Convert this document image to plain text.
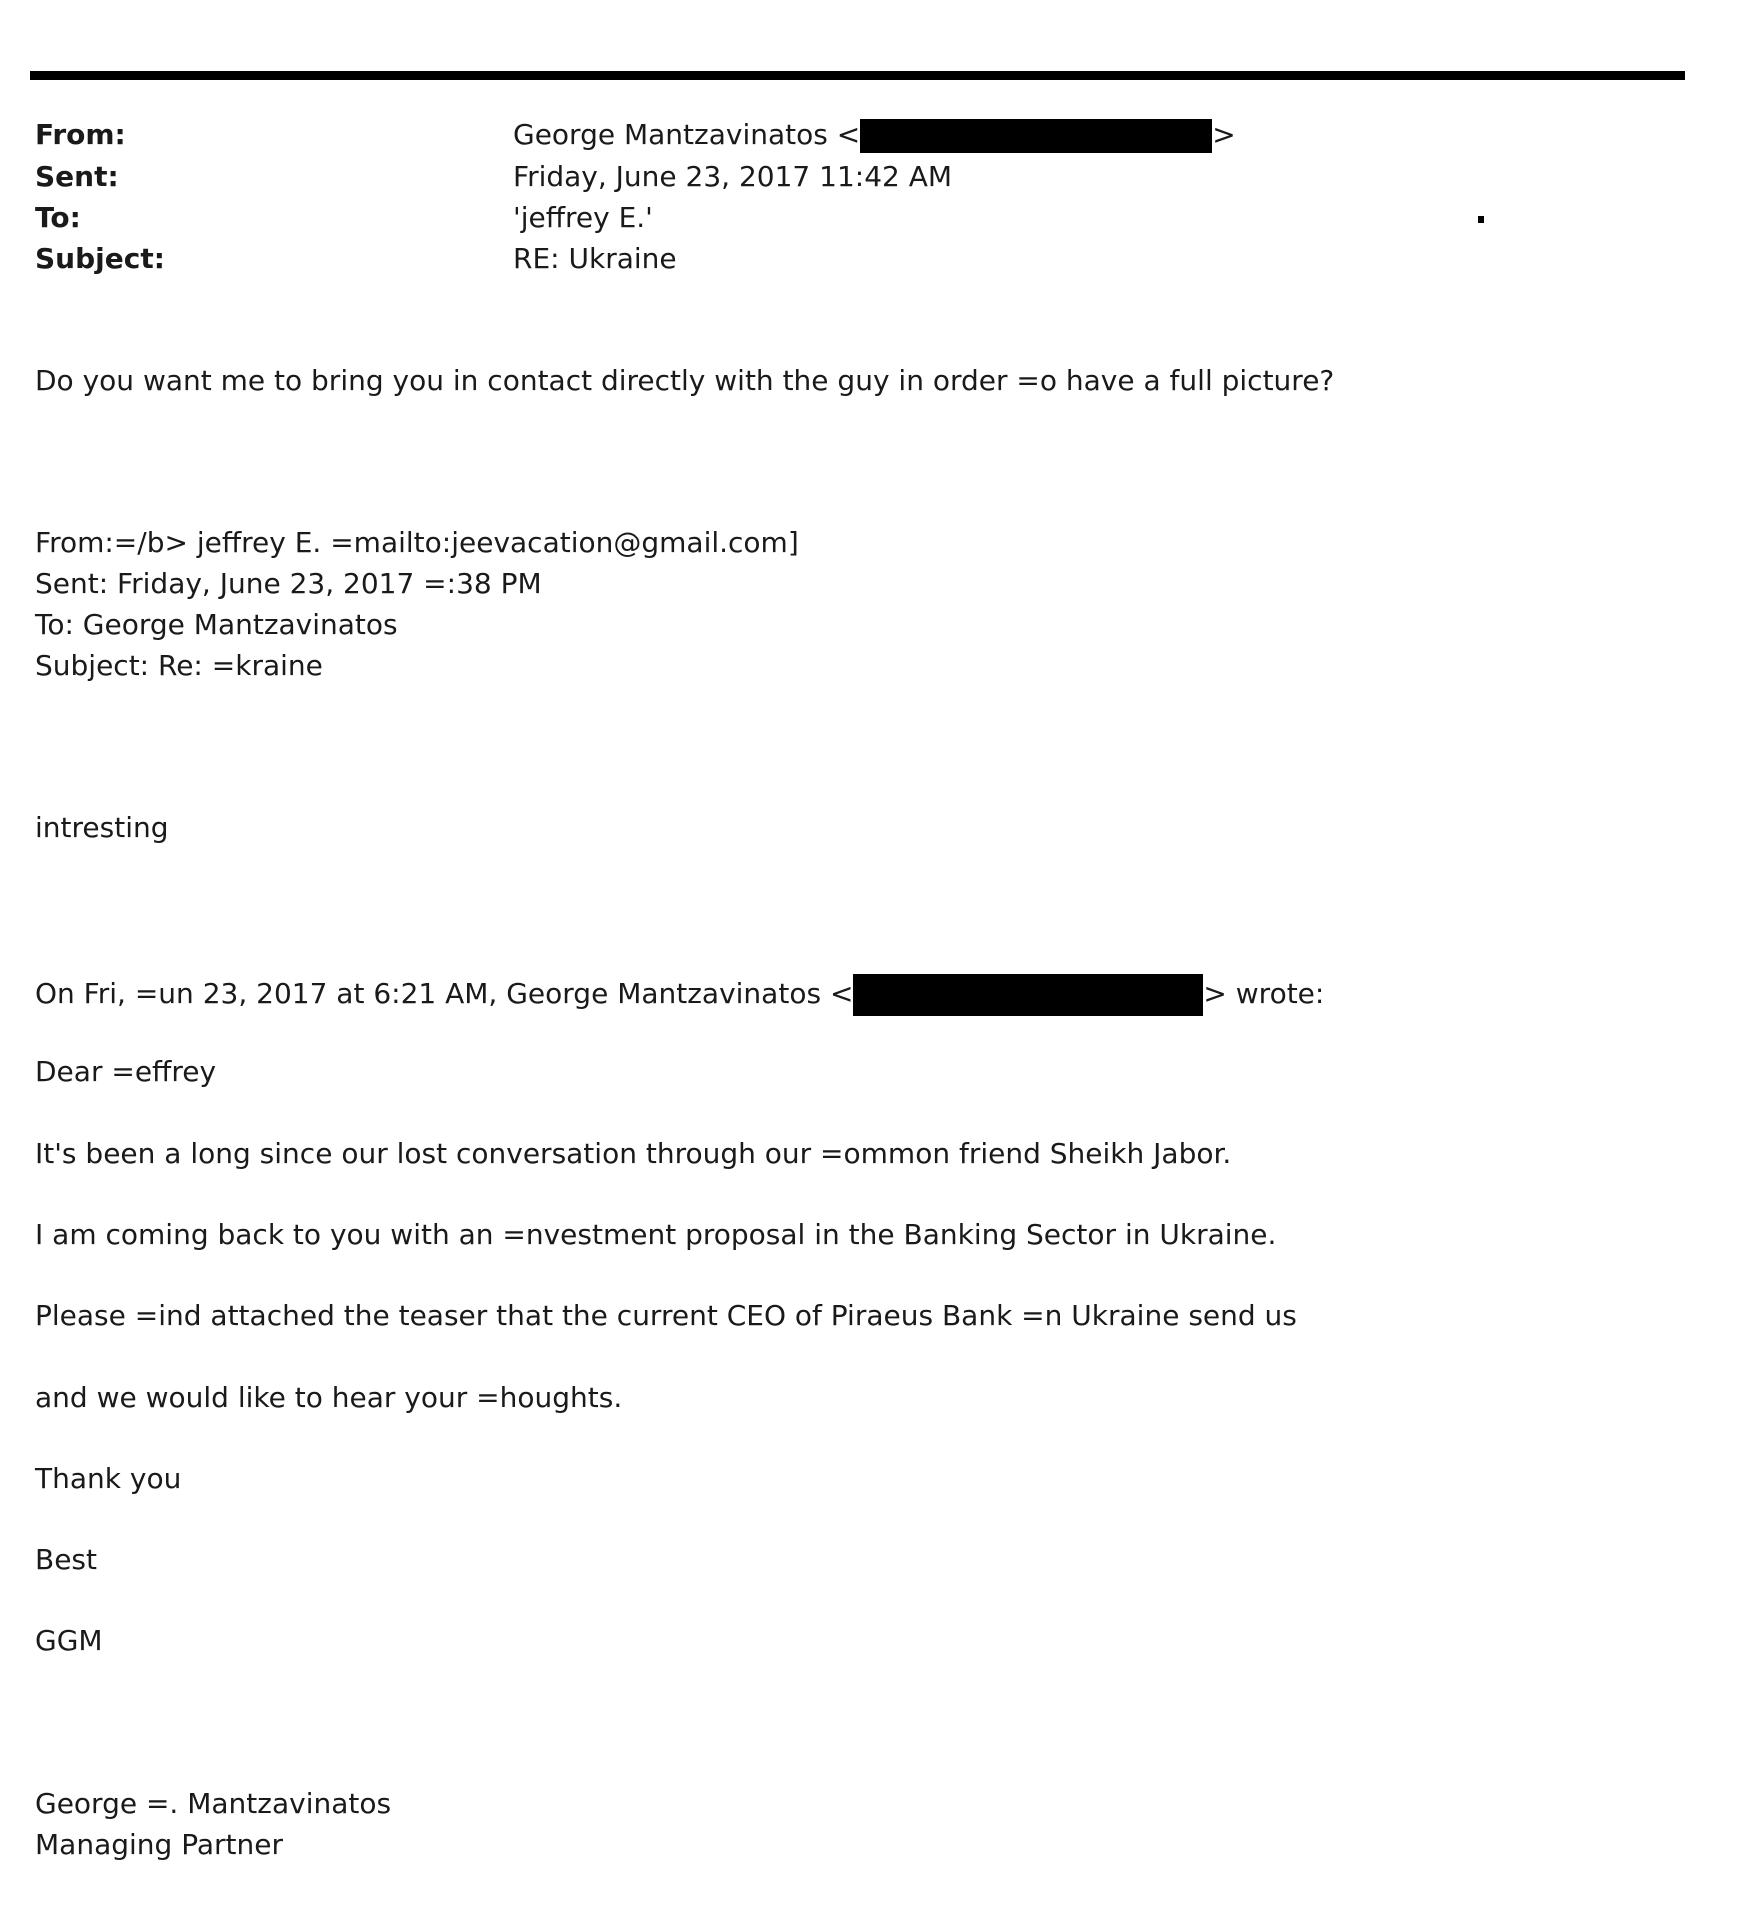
From:	George Mantzavinatos <	>
Sent:	Friday, June 23, 2017 11:42 AM
To:	'jeffrey E.'
Subject:	RE: Ukraine
Do you want me to bring you in contact directly with the guy in order =o have a full picture?
From:=/b> jeffrey E. =mailto:jeevacation@gmail.com]
Sent: Friday, June 23, 2017 =:38 PM
To: George Mantzavinatos
Subject: Re: =kraine
intresting
On Fri, =un 23, 2017 at 6:21 AM, George Mantzavinatos <	> wrote:
Dear =effrey
It's been a long since our lost conversation through our =ommon friend Sheikh Jabor.
I am coming back to you with an =nvestment proposal in the Banking Sector in Ukraine.
Please =ind attached the teaser that the current CEO of Piraeus Bank =n Ukraine send us
and we would like to hear your =houghts.
Thank you
Best
GGM
George =. Mantzavinatos
Managing Partner
